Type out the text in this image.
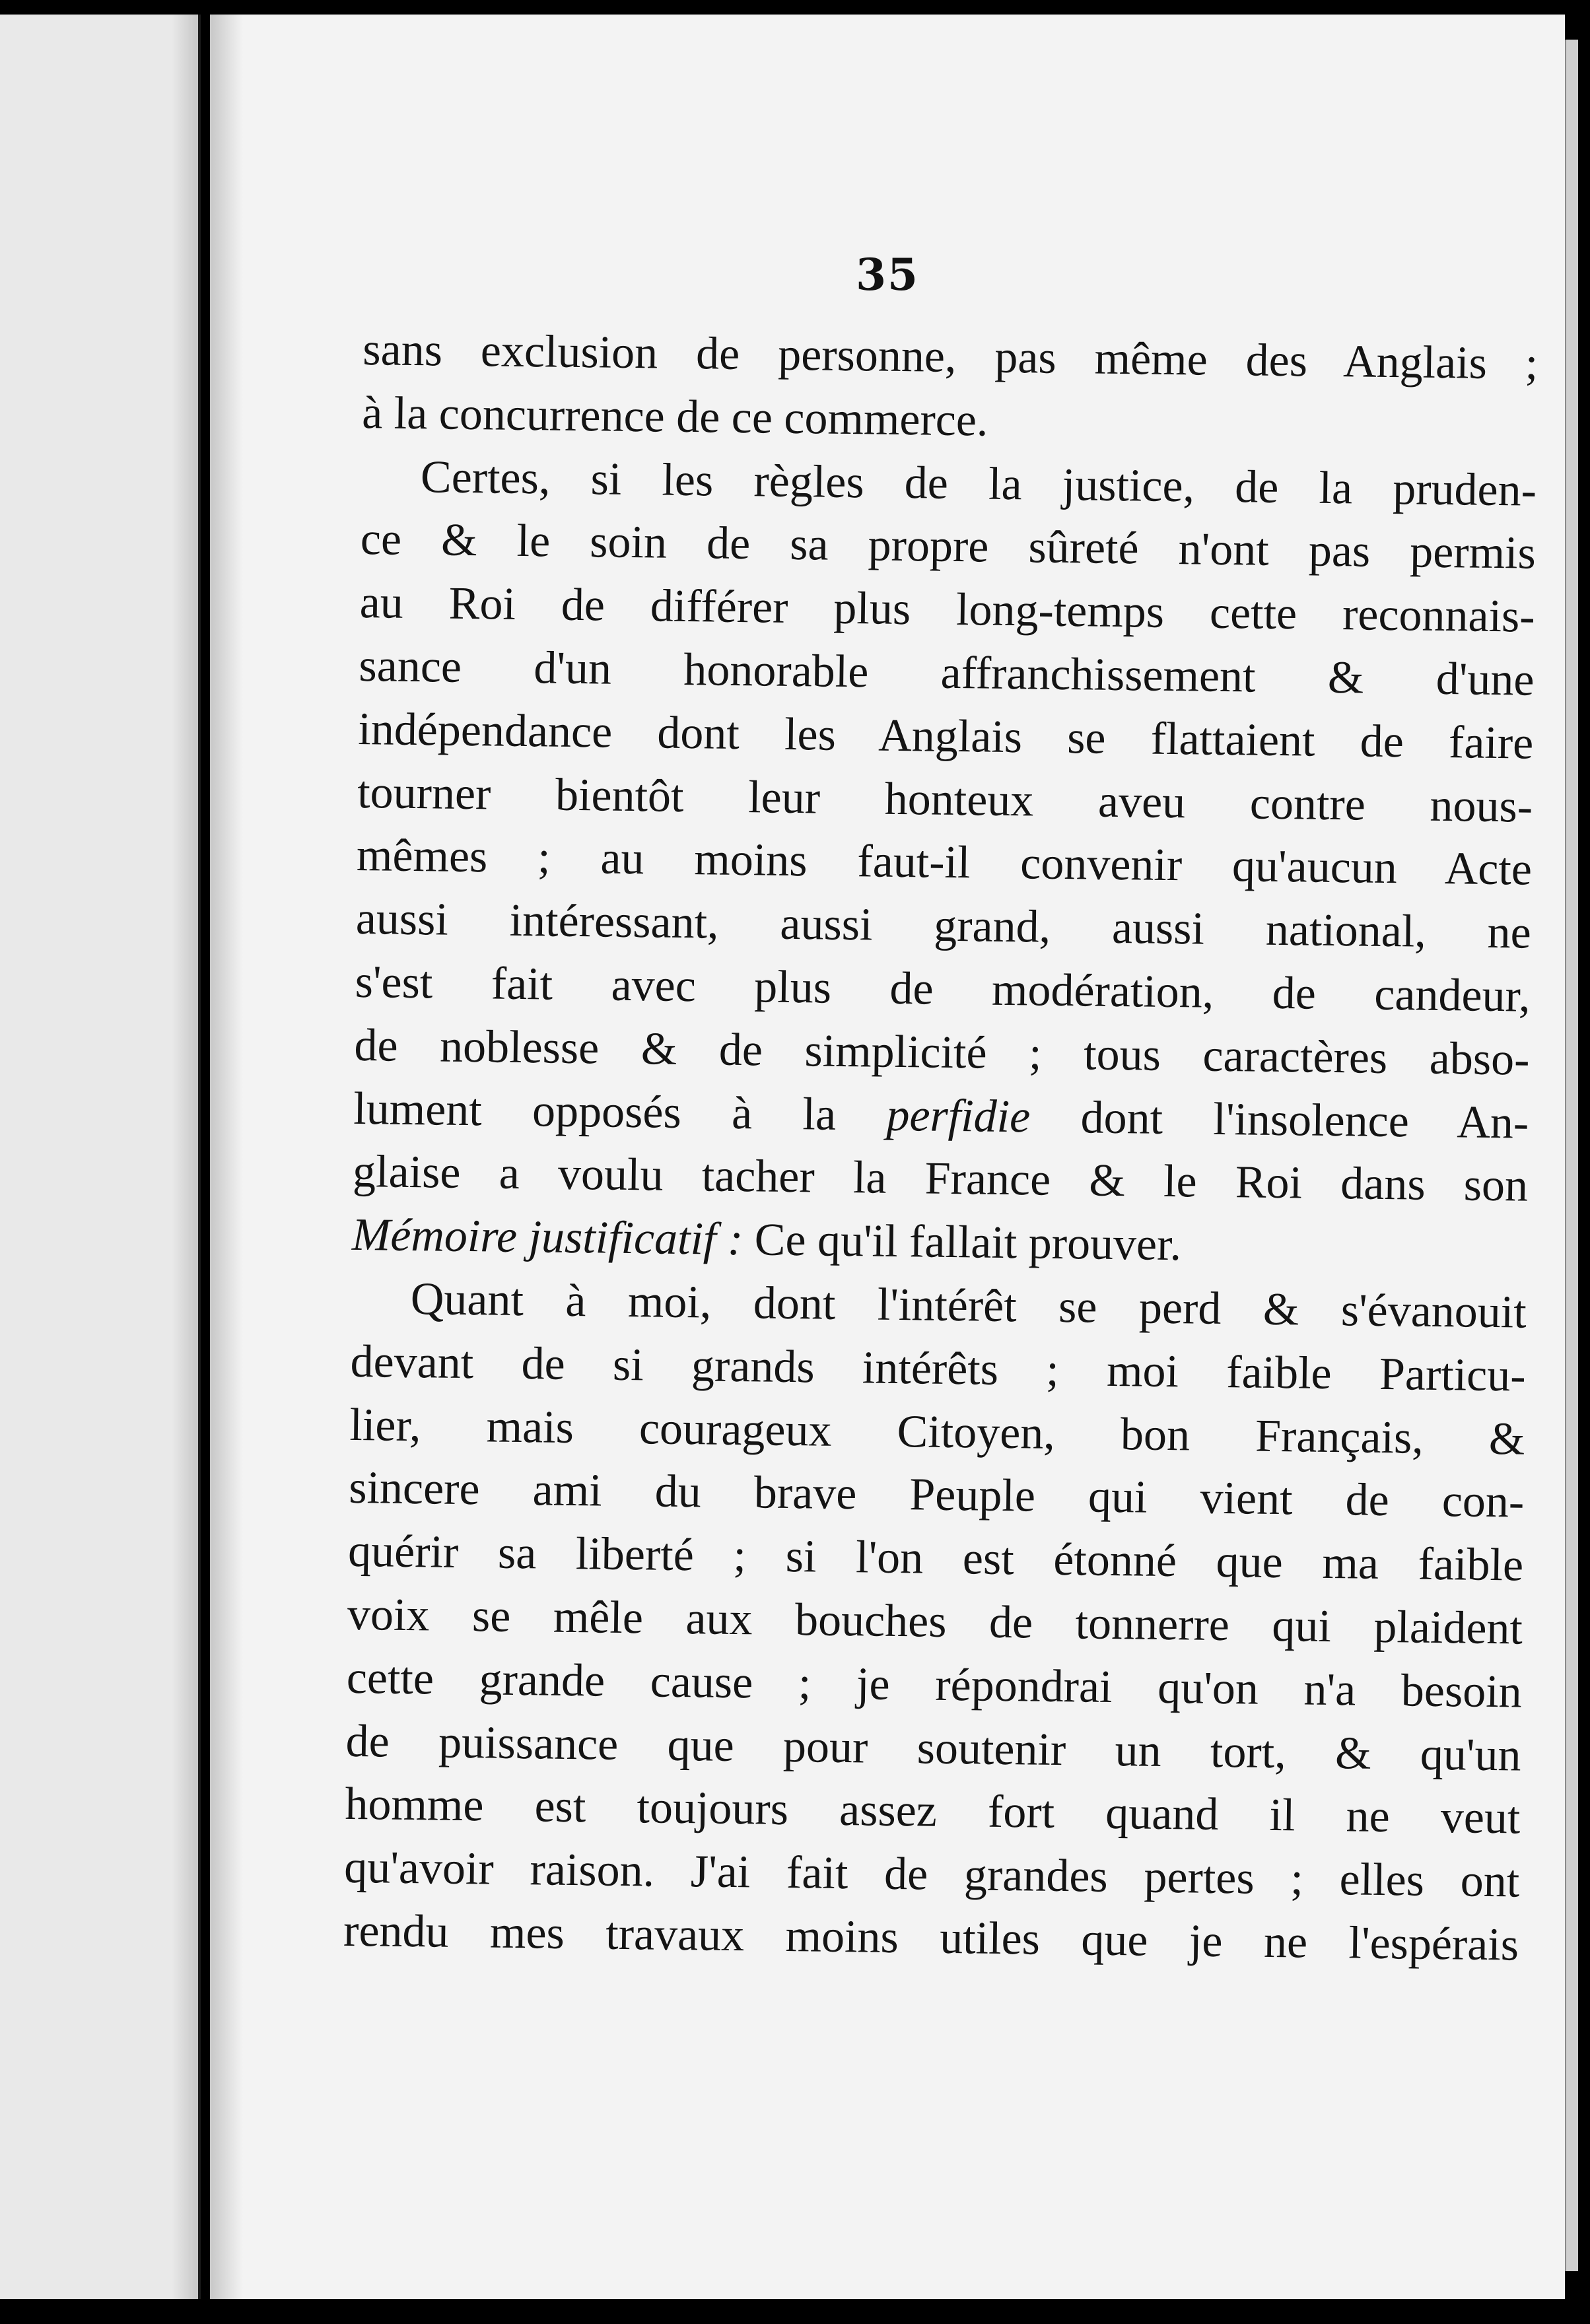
35
sans exclusion de personne, pas même des Anglais ;
à la concurrence de ce commerce.
Certes, si les règles de la justice, de la pruden-
ce & le soin de sa propre sûreté n'ont pas permis
au Roi de différer plus long-temps cette reconnais-
sance d'un honorable affranchissement & d'une
indépendance dont les Anglais se flattaient de faire
tourner bientôt leur honteux aveu contre nous-
mêmes ; au moins faut-il convenir qu'aucun Acte
aussi intéressant, aussi grand, aussi national, ne
s'est fait avec plus de modération, de candeur,
de noblesse & de simplicité ; tous caractères abso-
lument opposés à la perfidie dont l'insolence An-
glaise a voulu tacher la France & le Roi dans son
Mémoire justificatif : Ce qu'il fallait prouver.
Quant à moi, dont l'intérêt se perd & s'évanouit
devant de si grands intérêts ; moi faible Particu-
lier, mais courageux Citoyen, bon Français, &
sincere ami du brave Peuple qui vient de con-
quérir sa liberté ; si l'on est étonné que ma faible
voix se mêle aux bouches de tonnerre qui plaident
cette grande cause ; je répondrai qu'on n'a besoin
de puissance que pour soutenir un tort, & qu'un
homme est toujours assez fort quand il ne veut
qu'avoir raison. J'ai fait de grandes pertes ; elles ont
rendu mes travaux moins utiles que je ne l'espérais
